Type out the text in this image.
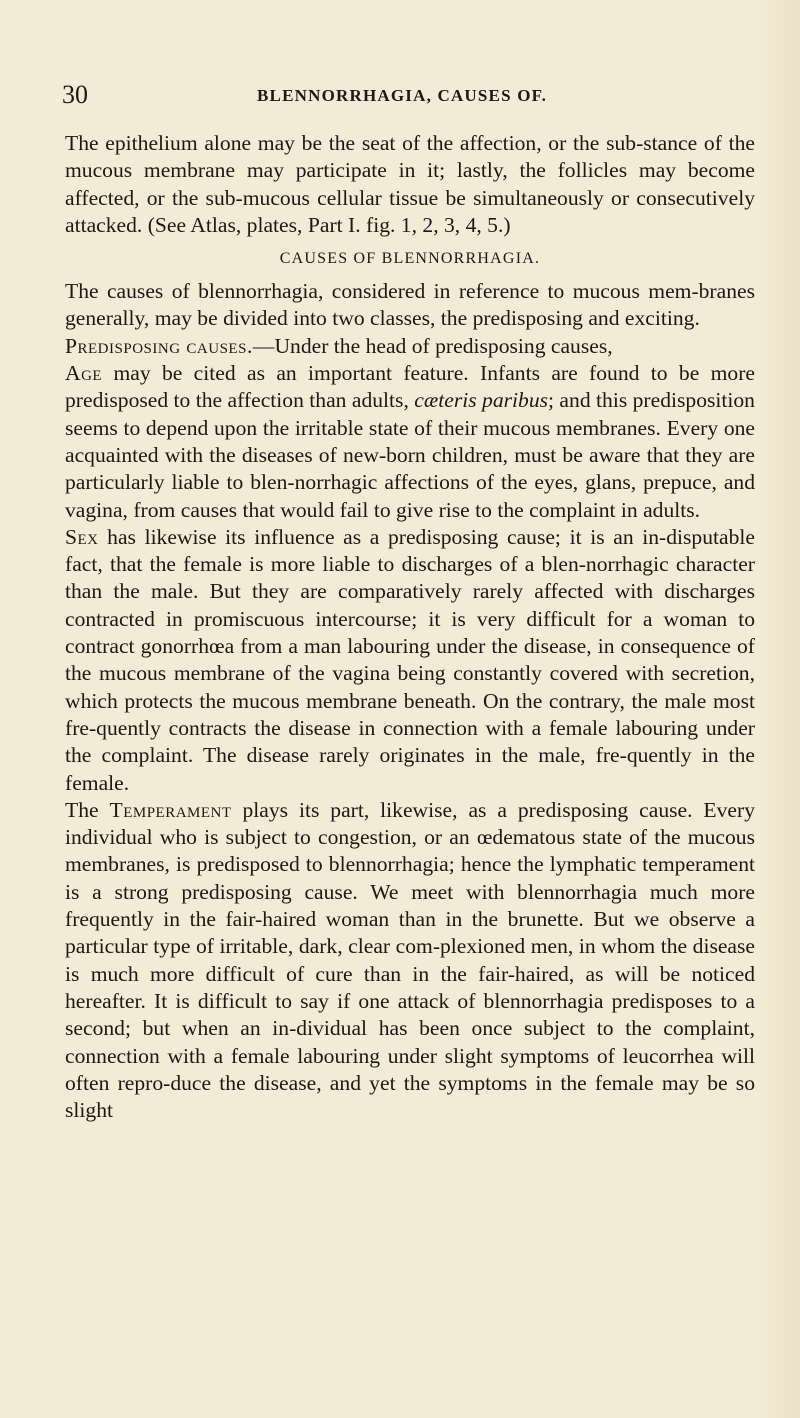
30	BLENNORRHAGIA, CAUSES OF.

The epithelium alone may be the seat of the affection, or the sub-stance of the mucous membrane may participate in it; lastly, the follicles may become affected, or the sub-mucous cellular tissue be simultaneously or consecutively attacked. (See Atlas, plates, Part I. fig. 1, 2, 3, 4, 5.)

CAUSES OF BLENNORRHAGIA.

The causes of blennorrhagia, considered in reference to mucous mem-branes generally, may be divided into two classes, the predisposing and exciting.

Predisposing causes.—Under the head of predisposing causes,
Age may be cited as an important feature. Infants are found to be more predisposed to the affection than adults, cæteris paribus; and this predisposition seems to depend upon the irritable state of their mucous membranes. Every one acquainted with the diseases of new-born children, must be aware that they are particularly liable to blen-norrhagic affections of the eyes, glans, prepuce, and vagina, from causes that would fail to give rise to the complaint in adults.

Sex has likewise its influence as a predisposing cause; it is an in-disputable fact, that the female is more liable to discharges of a blen-norrhagic character than the male. But they are comparatively rarely affected with discharges contracted in promiscuous intercourse; it is very difficult for a woman to contract gonorrhœa from a man labouring under the disease, in consequence of the mucous membrane of the vagina being constantly covered with secretion, which protects the mucous membrane beneath. On the contrary, the male most fre-quently contracts the disease in connection with a female labouring under the complaint. The disease rarely originates in the male, fre-quently in the female.

The Temperament plays its part, likewise, as a predisposing cause. Every individual who is subject to congestion, or an œdematous state of the mucous membranes, is predisposed to blennorrhagia; hence the lymphatic temperament is a strong predisposing cause. We meet with blennorrhagia much more frequently in the fair-haired woman than in the brunette. But we observe a particular type of irritable, dark, clear com-plexioned men, in whom the disease is much more difficult of cure than in the fair-haired, as will be noticed hereafter. It is difficult to say if one attack of blennorrhagia predisposes to a second; but when an in-dividual has been once subject to the complaint, connection with a female labouring under slight symptoms of leucorrhea will often repro-duce the disease, and yet the symptoms in the female may be so slight
